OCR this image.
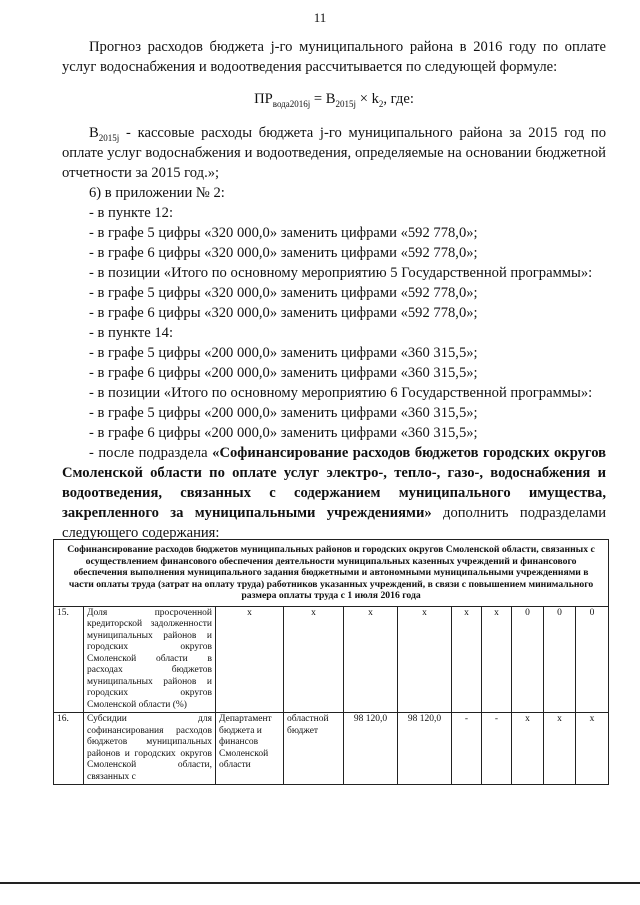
11

Прогноз расходов бюджета j-го муниципального района в 2016 году по оплате услуг водоснабжения и водоотведения рассчитывается по следующей формуле:

$ПР_{вода2016j} = В_{2015j} \times k_2$, где:

$В_{2015j}$ - кассовые расходы бюджета j-го муниципального района за 2015 год по оплате услуг водоснабжения и водоотведения, определяемые на основании бюджетной отчетности за 2015 год.»;

6) в приложении № 2:

- в пункте 12:

- в графе 5 цифры «320 000,0» заменить цифрами «592 778,0»;

- в графе 6 цифры «320 000,0» заменить цифрами «592 778,0»;

- в позиции «Итого по основному мероприятию 5 Государственной программы»:

- в графе 5 цифры «320 000,0» заменить цифрами «592 778,0»;

- в графе 6 цифры «320 000,0» заменить цифрами «592 778,0»;

- в пункте 14:

- в графе 5 цифры «200 000,0» заменить цифрами «360 315,5»;

- в графе 6 цифры «200 000,0» заменить цифрами «360 315,5»;

- в позиции «Итого по основному мероприятию 6 Государственной программы»:

- в графе 5 цифры «200 000,0» заменить цифрами «360 315,5»;

- в графе 6 цифры «200 000,0» заменить цифрами «360 315,5»;

- после подраздела «Софинансирование расходов бюджетов городских округов Смоленской области по оплате услуг электро-, тепло-, газо-, водоснабжения и водоотведения, связанных с содержанием муниципального имущества, закрепленного за муниципальными учреждениями» дополнить подразделами следующего содержания:

Софинансирование расходов бюджетов муниципальных районов и городских округов Смоленской области, связанных с осуществлением финансового обеспечения деятельности муниципальных казенных учреждений и финансового обеспечения выполнения муниципального задания бюджетными и автономными муниципальными учреждениями в части оплаты труда (затрат на оплату труда) работников указанных учреждений, в связи с повышением минимального размера оплаты труда с 1 июля 2016 года										
15.	Доля просроченной кредиторской задолженности муниципальных районов и городских округов Смоленской области в расходах бюджетов муниципальных районов и городских округов Смоленской области (%)	х	х	х	х	х	х	0	0	0
16.	Субсидии для софинансирования расходов бюджетов муниципальных районов и городских округов Смоленской области, связанных с	Департамент бюджета и финансов Смоленской области	областной бюджет	98 120,0	98 120,0	-	-	х	х	х
